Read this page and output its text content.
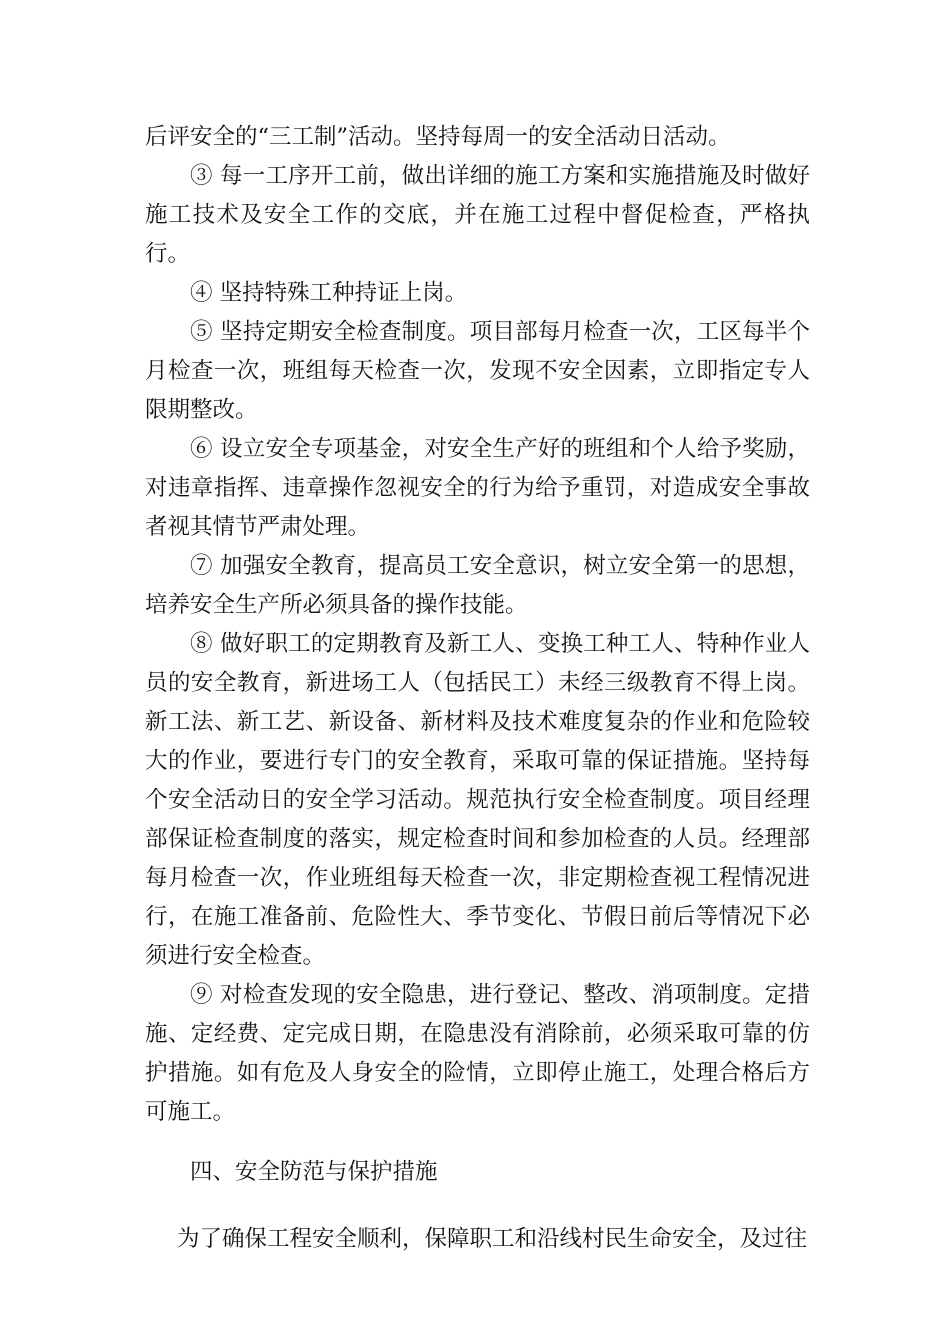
后评安全的“三工制”活动。坚持每周一的安全活动日活动。

③ 每一工序开工前，做出详细的施工方案和实施措施及时做好施工技术及安全工作的交底，并在施工过程中督促检查，严格执行。

④ 坚持特殊工种持证上岗。

⑤ 坚持定期安全检查制度。项目部每月检查一次，工区每半个月检查一次，班组每天检查一次，发现不安全因素，立即指定专人限期整改。

⑥ 设立安全专项基金，对安全生产好的班组和个人给予奖励，对违章指挥、违章操作忽视安全的行为给予重罚，对造成安全事故者视其情节严肃处理。

⑦ 加强安全教育，提高员工安全意识，树立安全第一的思想，培养安全生产所必须具备的操作技能。

⑧ 做好职工的定期教育及新工人、变换工种工人、特种作业人员的安全教育，新进场工人（包括民工）未经三级教育不得上岗。新工法、新工艺、新设备、新材料及技术难度复杂的作业和危险较大的作业，要进行专门的安全教育，采取可靠的保证措施。坚持每个安全活动日的安全学习活动。规范执行安全检查制度。项目经理部保证检查制度的落实，规定检查时间和参加检查的人员。经理部每月检查一次，作业班组每天检查一次，非定期检查视工程情况进行，在施工准备前、危险性大、季节变化、节假日前后等情况下必须进行安全检查。

⑨ 对检查发现的安全隐患，进行登记、整改、消项制度。定措施、定经费、定完成日期，在隐患没有消除前，必须采取可靠的仿护措施。如有危及人身安全的险情，立即停止施工，处理合格后方可施工。

四、安全防范与保护措施

为了确保工程安全顺利，保障职工和沿线村民生命安全，及过往
